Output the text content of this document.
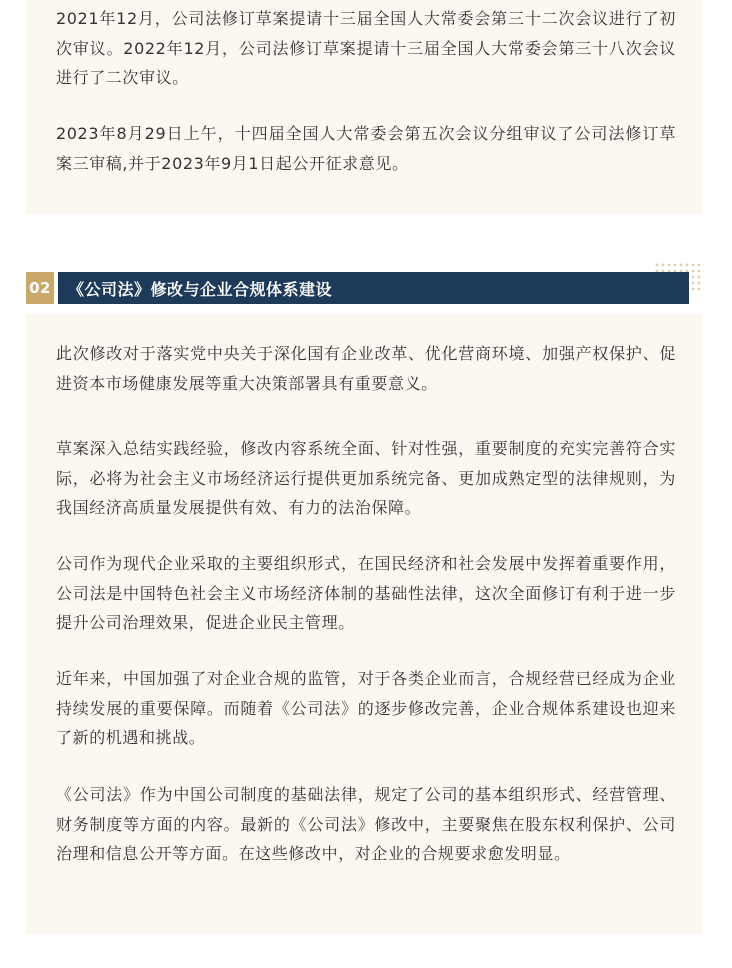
2021年12月，公司法修订草案提请十三届全国人大常委会第三十二次会议进行了初次审议。2022年12月，公司法修订草案提请十三届全国人大常委会第三十八次会议进行了二次审议。

2023年8月29日上午，十四届全国人大常委会第五次会议分组审议了公司法修订草案三审稿,并于2023年9月1日起公开征求意见。

02	《公司法》修改与企业合规体系建设

此次修改对于落实党中央关于深化国有企业改革、优化营商环境、加强产权保护、促进资本市场健康发展等重大决策部署具有重要意义。

草案深入总结实践经验，修改内容系统全面、针对性强，重要制度的充实完善符合实际，必将为社会主义市场经济运行提供更加系统完备、更加成熟定型的法律规则，为我国经济高质量发展提供有效、有力的法治保障。

公司作为现代企业采取的主要组织形式，在国民经济和社会发展中发挥着重要作用，公司法是中国特色社会主义市场经济体制的基础性法律，这次全面修订有利于进一步提升公司治理效果，促进企业民主管理。

近年来，中国加强了对企业合规的监管，对于各类企业而言，合规经营已经成为企业持续发展的重要保障。而随着《公司法》的逐步修改完善，企业合规体系建设也迎来了新的机遇和挑战。

《公司法》作为中国公司制度的基础法律，规定了公司的基本组织形式、经营管理、财务制度等方面的内容。最新的《公司法》修改中，主要聚焦在股东权利保护、公司治理和信息公开等方面。在这些修改中，对企业的合规要求愈发明显。
